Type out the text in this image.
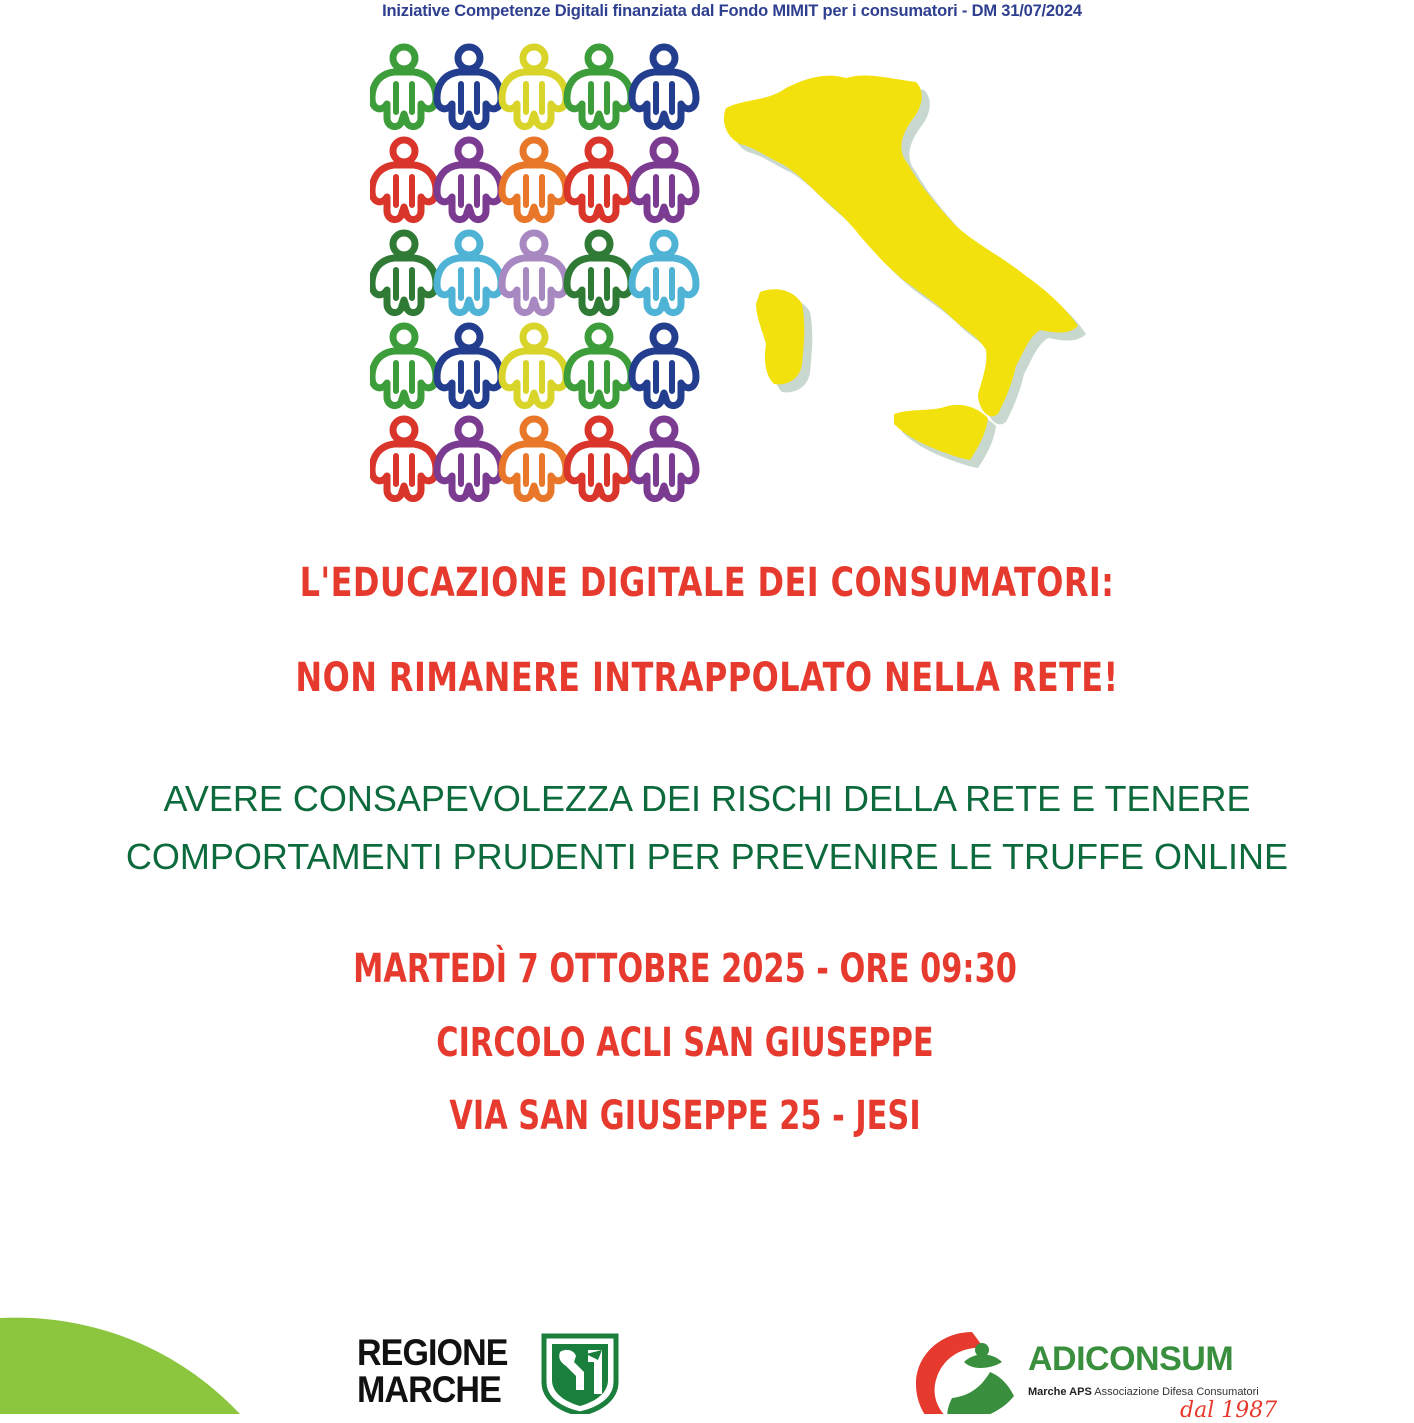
Iniziative Competenze Digitali finanziata dal Fondo MIMIT per i consumatori - DM 31/07/2024
L'EDUCAZIONE DIGITALE DEI CONSUMATORI:
NON RIMANERE INTRAPPOLATO NELLA RETE!
AVERE CONSAPEVOLEZZA DEI RISCHI DELLA RETE E TENERE
COMPORTAMENTI PRUDENTI PER PREVENIRE LE TRUFFE ONLINE
MARTEDÌ 7 OTTOBRE 2025 - ORE 09:30
CIRCOLO ACLI SAN GIUSEPPE
VIA SAN GIUSEPPE 25 - JESI
REGIONE
MARCHE
ADICONSUM
Marche APS Associazione Difesa Consumatori
dal 1987
